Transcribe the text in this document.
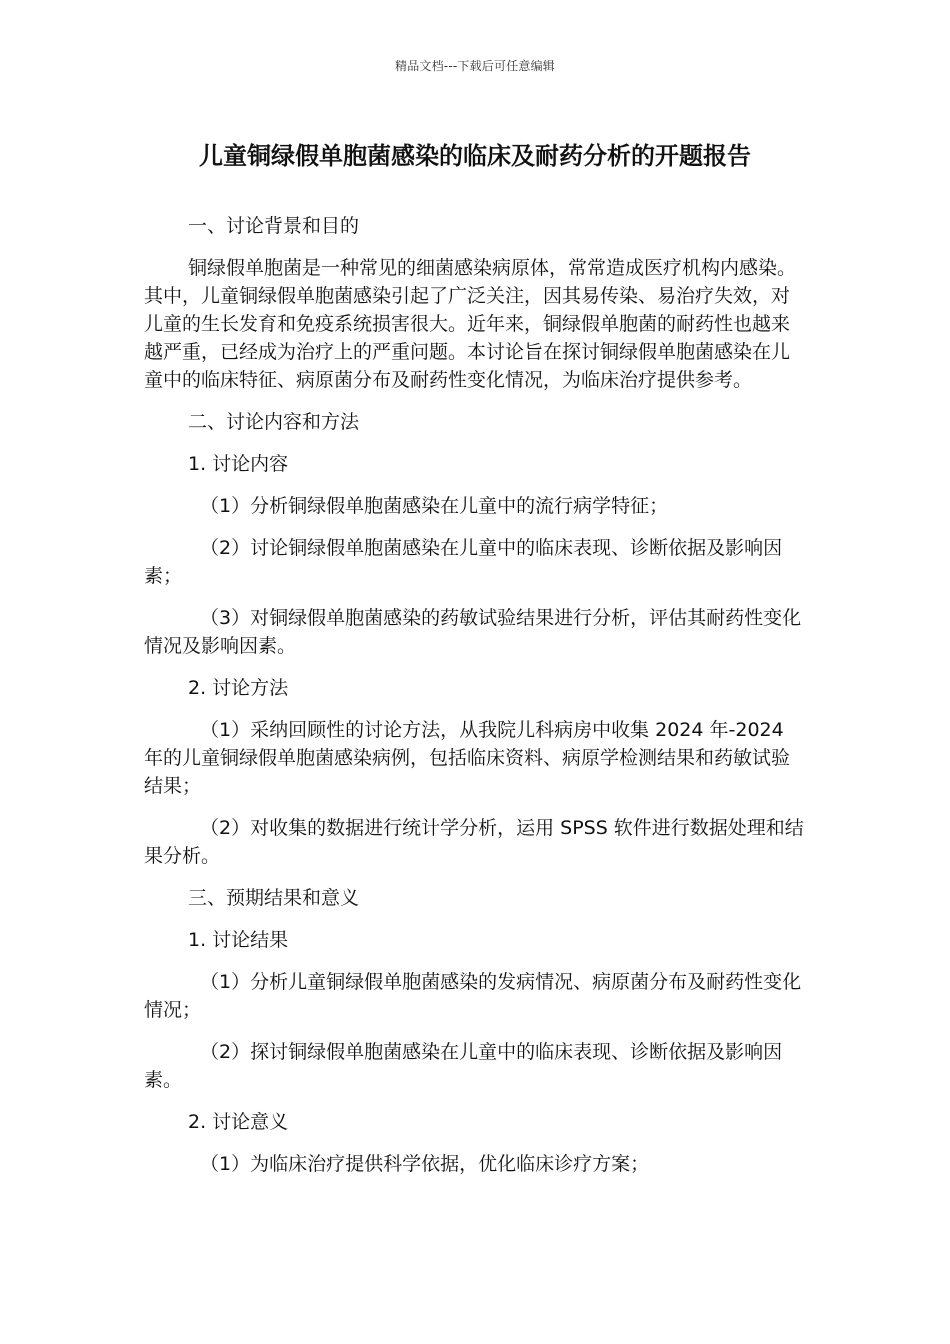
精品文档---下载后可任意编辑
儿童铜绿假单胞菌感染的临床及耐药分析的开题报告

一、讨论背景和目的

铜绿假单胞菌是一种常见的细菌感染病原体，常常造成医疗机构内感染。其中，儿童铜绿假单胞菌感染引起了广泛关注，因其易传染、易治疗失效，对儿童的生长发育和免疫系统损害很大。近年来，铜绿假单胞菌的耐药性也越来越严重，已经成为治疗上的严重问题。本讨论旨在探讨铜绿假单胞菌感染在儿童中的临床特征、病原菌分布及耐药性变化情况，为临床治疗提供参考。

二、讨论内容和方法

1. 讨论内容

（1）分析铜绿假单胞菌感染在儿童中的流行病学特征；

（2）讨论铜绿假单胞菌感染在儿童中的临床表现、诊断依据及影响因素；

（3）对铜绿假单胞菌感染的药敏试验结果进行分析，评估其耐药性变化情况及影响因素。

2. 讨论方法

（1）采纳回顾性的讨论方法，从我院儿科病房中收集 2024 年-2024 年的儿童铜绿假单胞菌感染病例，包括临床资料、病原学检测结果和药敏试验结果；

（2）对收集的数据进行统计学分析，运用 SPSS 软件进行数据处理和结果分析。

三、预期结果和意义

1. 讨论结果

（1）分析儿童铜绿假单胞菌感染的发病情况、病原菌分布及耐药性变化情况；

（2）探讨铜绿假单胞菌感染在儿童中的临床表现、诊断依据及影响因素。

2. 讨论意义

（1）为临床治疗提供科学依据，优化临床诊疗方案；
